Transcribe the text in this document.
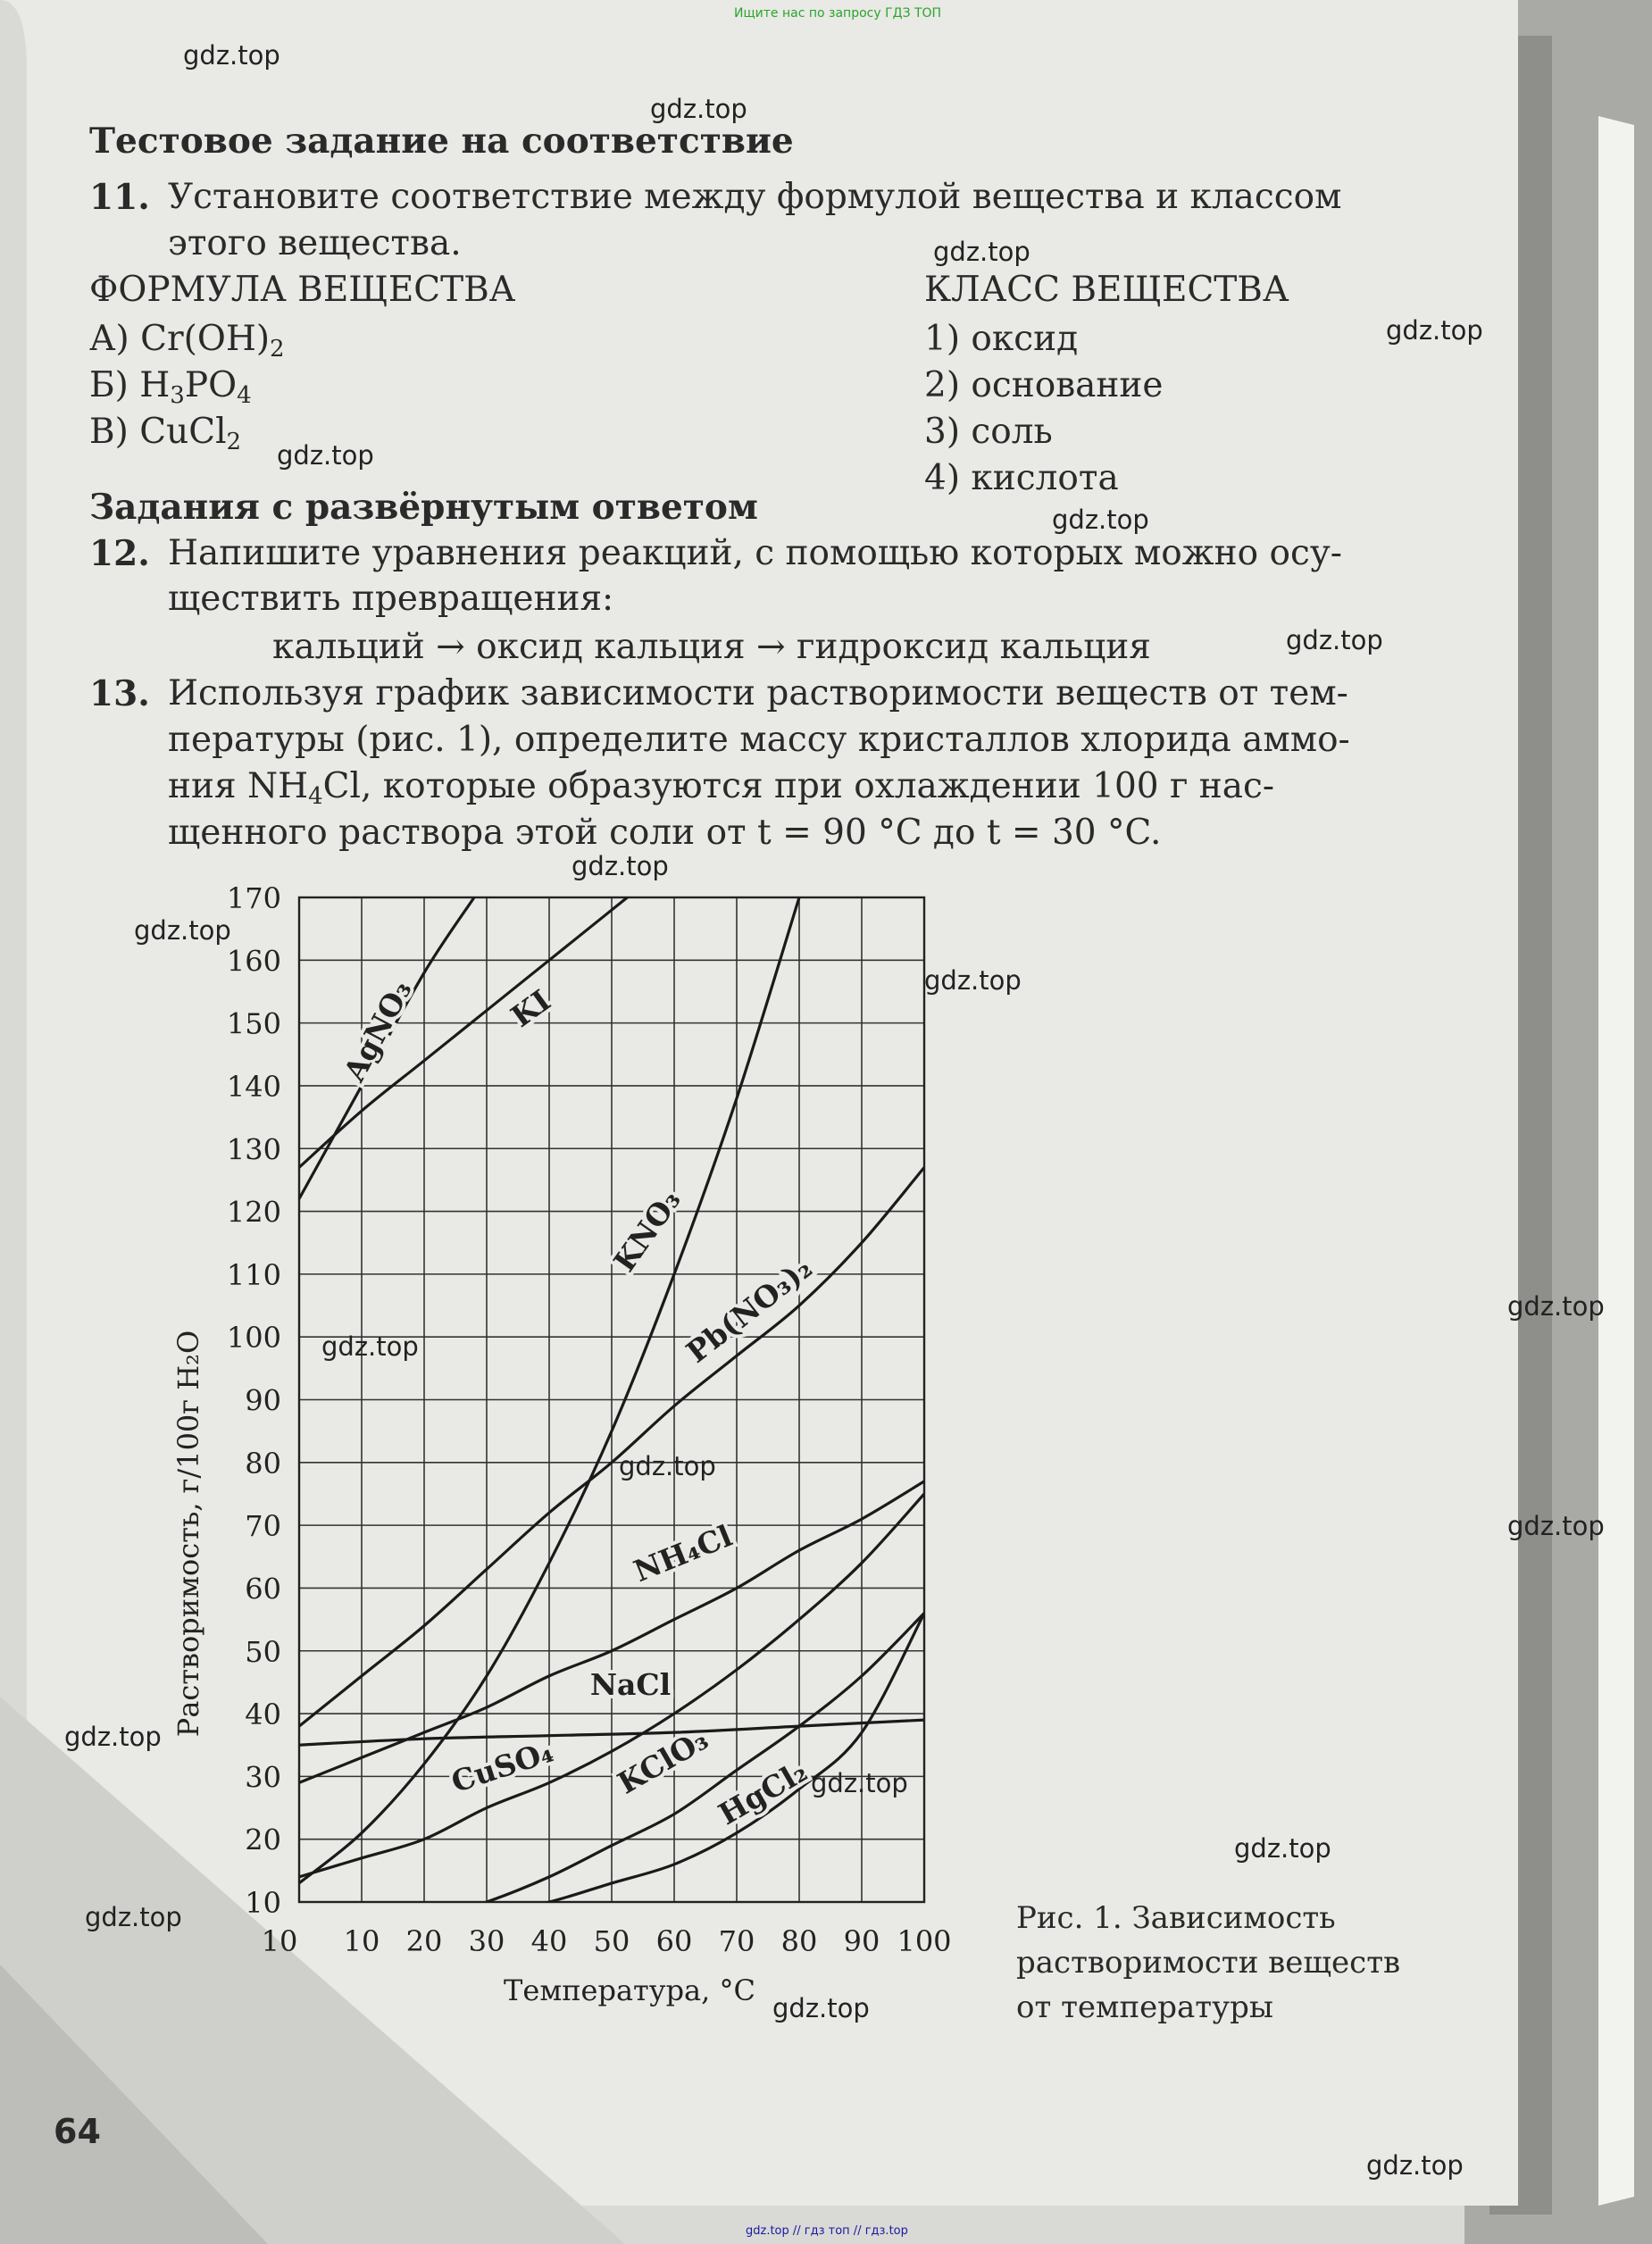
Ищите нас по запросу ГДЗ ТОП
gdz.top // гдз топ // гдз.top
Тестовое задание на соответствие
11. Установите соответствие между формулой вещества и классом
этого вещества.
ФОРМУЛА ВЕЩЕСТВА	КЛАСС ВЕЩЕСТВА
А) $Cr(OH)_2$
Б) $H_3PO_4$
В) CuCl$_2$
1) оксид
2) основание
3) соль
4) кислота
Задания с развёрнутым ответом
12. Напишите уравнения реакций, с помощью которых можно осу-
ществить превращения:
кальций → оксид кальция → гидроксид кальция
13. Используя график зависимости растворимости веществ от тем-
пературы (рис. 1), определите массу кристаллов хлорида аммо-
ния $NH_4Cl$, которые образуются при охлаждении 100 г нас-
щенного раствора этой соли от t = 90 °C до t = 30 °C.
10
20
30
40
50
60
70
80
90
100
110
120
130
140
150
160
170
10 10 20 30 40 50 60 70 80 90 100
Температура, °C
Растворимость, г/100г H₂O
AgNO₃	KI
KNO₃
Pb(NO₃)₂
NH₄Cl
NaCl
CuSO₄ KClO₃
HgCl₂
Рис. 1. Зависимость
растворимости веществ
от температуры
64
gdz.top
gdz.top
gdz.top
gdz.top
gdz.top
gdz.top
gdz.top
gdz.top
gdz.top
gdz.top
gdz.top
gdz.top
gdz.top
gdz.top
gdz.top
gdz.top
gdz.top
gdz.top
gdz.top
gdz.top
